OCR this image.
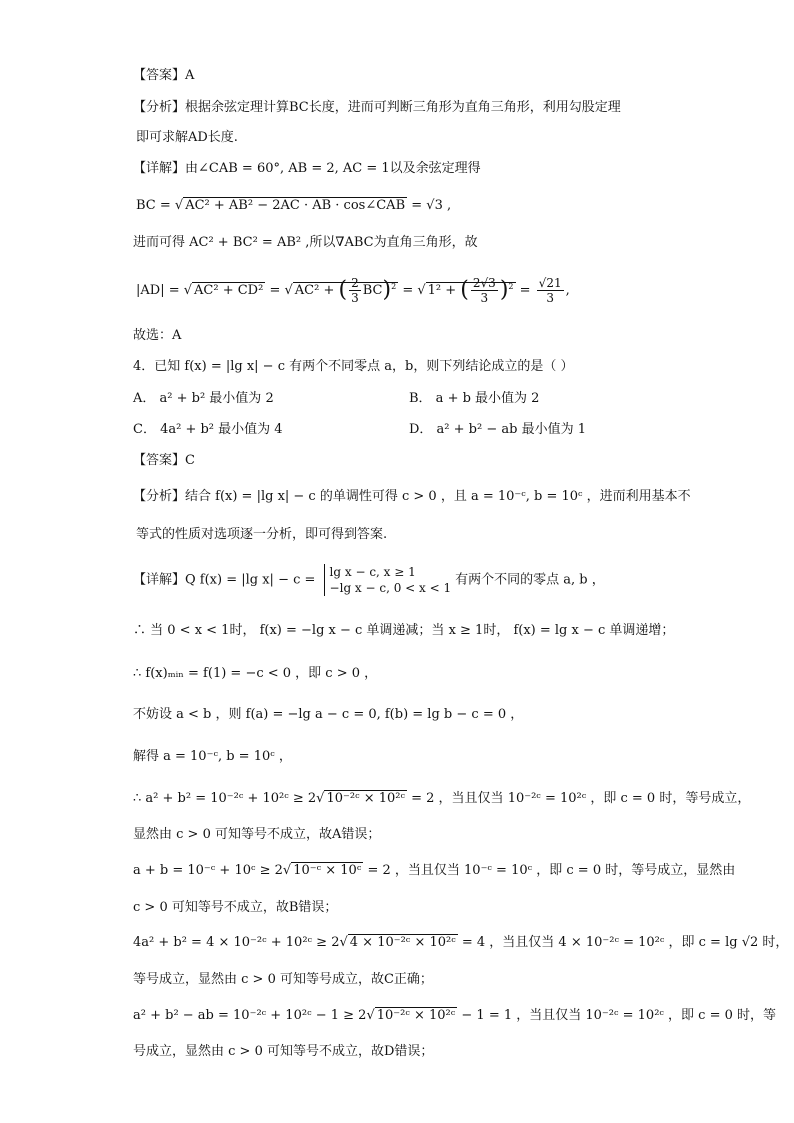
【答案】A
【分析】根据余弦定理计算BC长度，进而可判断三角形为直角三角形，利用勾股定理
即可求解AD长度.
【详解】由∠CAB = 60°, AB = 2, AC = 1以及余弦定理得
BC = √ AC² + AB² − 2AC · AB · cos∠CAB = √3 ,
进而可得 AC² + BC² = AB² ,所以∇ABC为直角三角形，故
|AD| = √ AC² + CD² = √ AC² + ( $\frac{2}{3} BC)^2$ = √ 1² + ( $\frac{2√3}{3} )^2 = \frac{√21}{3}$ ,
故选：A
4．已知 f(x) = |lg x| − c 有两个不同零点 a，b，则下列结论成立的是（ ）
A． a² + b² 最小值为 2	B． a + b 最小值为 2
C． 4a² + b² 最小值为 4	D． a² + b² − ab 最小值为 1
【答案】C
【分析】结合 f(x) = |lg x| − c 的单调性可得 c > 0 ，且 a = 10⁻ᶜ, b = 10ᶜ ，进而利用基本不
等式的性质对选项逐一分析，即可得到答案.
【详解】Q f(x) = |lg x| − c =
lg x − c, x ≥ 1
−lg x − c, 0 < x < 1
有两个不同的零点 a, b ，
∴ 当 0 < x < 1时， f(x) = −lg x − c 单调递减；当 x ≥ 1时， f(x) = lg x − c 单调递增；
∴ f(x)ₘᵢₙ = f(1) = −c < 0 ，即 c > 0 ，
不妨设 a < b ，则 f(a) = −lg a − c = 0, f(b) = lg b − c = 0 ，
解得 a = 10⁻ᶜ, b = 10ᶜ ，
∴ a² + b² = 10⁻²ᶜ + 10²ᶜ ≥ 2√ 10⁻²ᶜ × 10²ᶜ = 2 ，当且仅当 10⁻²ᶜ = 10²ᶜ ，即 c = 0 时，等号成立，
显然由 c > 0 可知等号不成立，故A错误；
a + b = 10⁻ᶜ + 10ᶜ ≥ 2√ 10⁻ᶜ × 10ᶜ = 2 ，当且仅当 10⁻ᶜ = 10ᶜ ，即 c = 0 时，等号成立，显然由
c > 0 可知等号不成立，故B错误；
4a² + b² = 4 × 10⁻²ᶜ + 10²ᶜ ≥ 2√ 4 × 10⁻²ᶜ × 10²ᶜ = 4 ，当且仅当 4 × 10⁻²ᶜ = 10²ᶜ ，即 c = lg √2 时，
等号成立，显然由 c > 0 可知等号成立，故C正确；
a² + b² − ab = 10⁻²ᶜ + 10²ᶜ − 1 ≥ 2√ 10⁻²ᶜ × 10²ᶜ − 1 = 1 ，当且仅当 10⁻²ᶜ = 10²ᶜ ，即 c = 0 时，等
号成立，显然由 c > 0 可知等号不成立，故D错误；
